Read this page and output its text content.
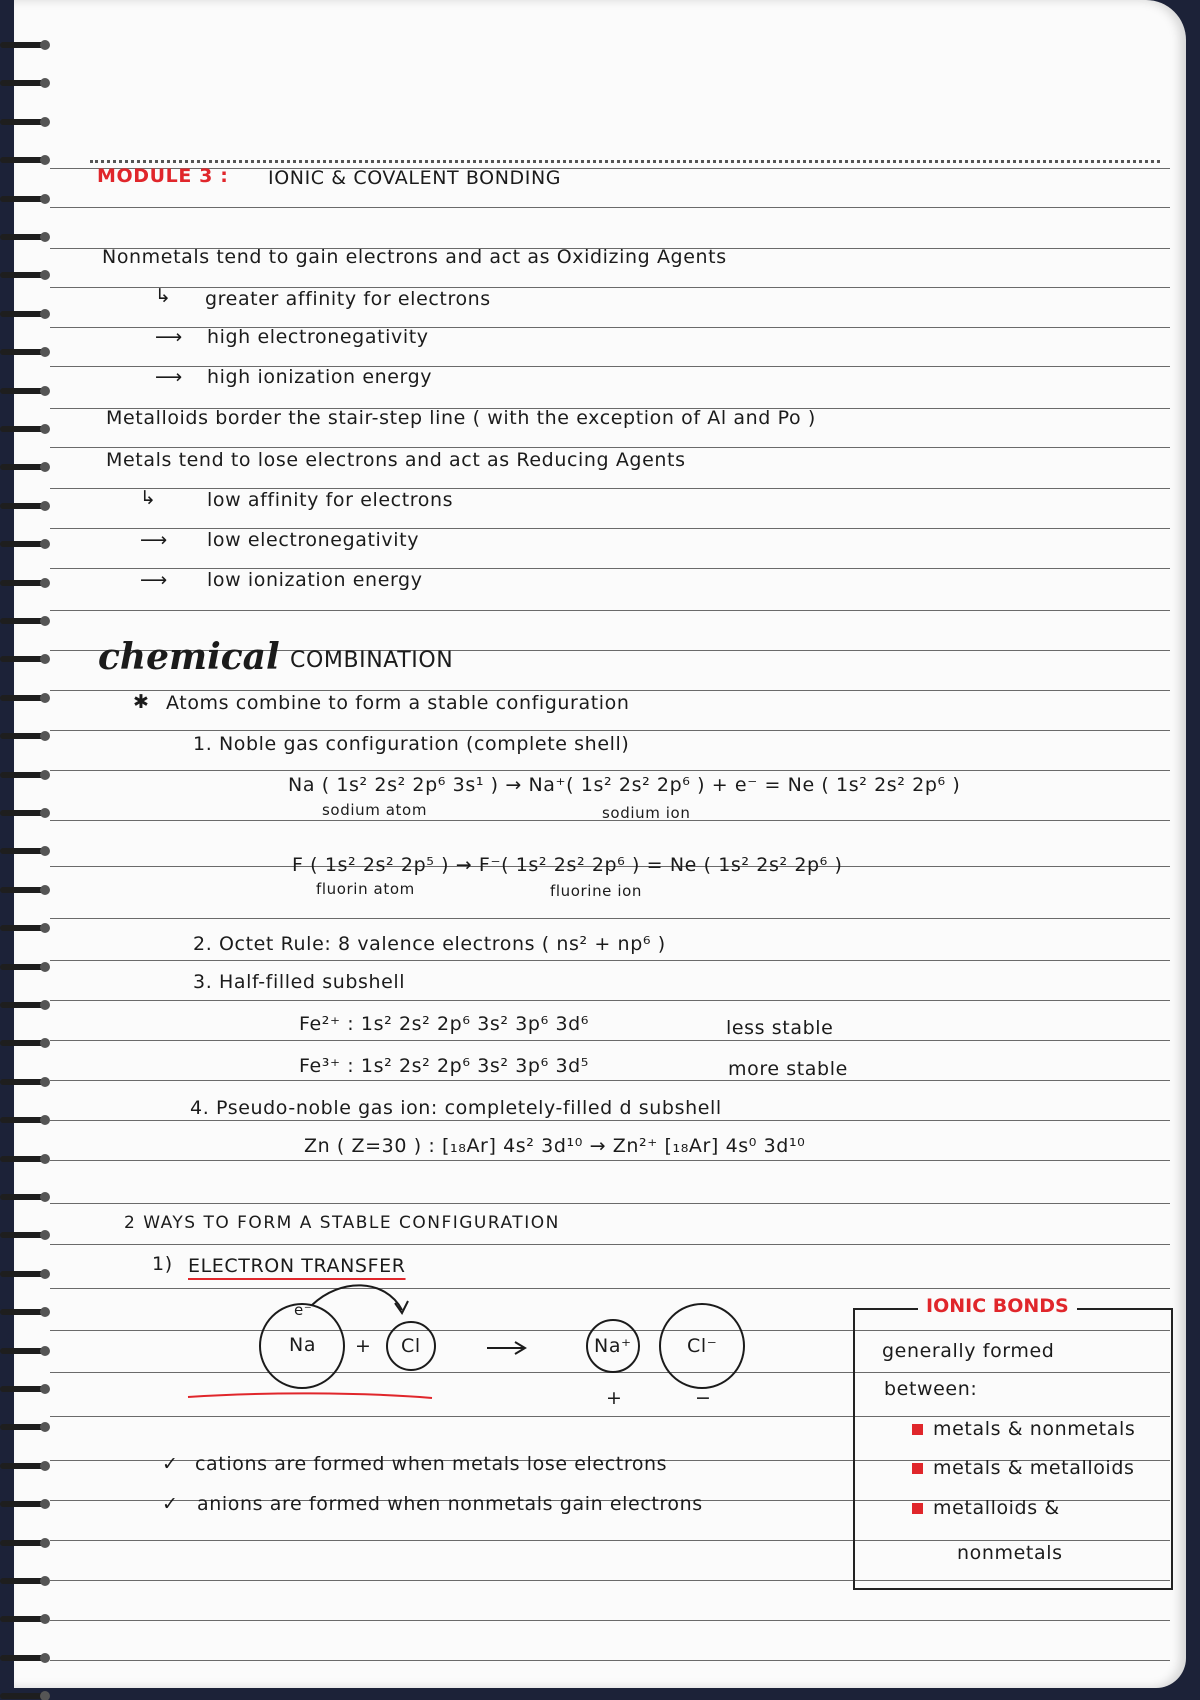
MODULE 3 : IONIC & COVALENT BONDING
Nonmetals tend to gain electrons and act as Oxidizing Agents
↳ greater affinity for electrons
⟶ high electronegativity
⟶ high ionization energy
Metalloids border the stair-step line ( with the exception of Al and Po )
Metals tend to lose electrons and act as Reducing Agents
↳	low affinity for electrons
⟶ low electronegativity
⟶ low ionization energy
chemical COMBINATION
✱ Atoms combine to form a stable configuration
1. Noble gas configuration (complete shell)
Na ( 1s² 2s² 2p⁶ 3s¹ ) → Na⁺( 1s² 2s² 2p⁶ ) + e⁻ = Ne ( 1s² 2s² 2p⁶ )
sodium atom	sodium ion
F ( 1s² 2s² 2p⁵ ) → F⁻( 1s² 2s² 2p⁶ ) = Ne ( 1s² 2s² 2p⁶ )
fluorin atom	fluorine ion
2. Octet Rule: 8 valence electrons ( ns² + np⁶ )
3. Half-filled subshell
Fe²⁺ : 1s² 2s² 2p⁶ 3s² 3p⁶ 3d⁶	less stable
Fe³⁺ : 1s² 2s² 2p⁶ 3s² 3p⁶ 3d⁵	more stable
4. Pseudo-noble gas ion: completely-filled d subshell
Zn ( Z=30 ) : [₁₈Ar] 4s² 3d¹⁰ → Zn²⁺ [₁₈Ar] 4s⁰ 3d¹⁰
2 WAYS TO FORM A STABLE CONFIGURATION
1) ELECTRON TRANSFER
e⁻
Na + Cl	Na⁺	Cl⁻
+	−
✓ cations are formed when metals lose electrons
✓ anions are formed when nonmetals gain electrons
IONIC BONDS
generally formed
between:
metals & nonmetals
metals & metalloids
metalloids &
nonmetals
